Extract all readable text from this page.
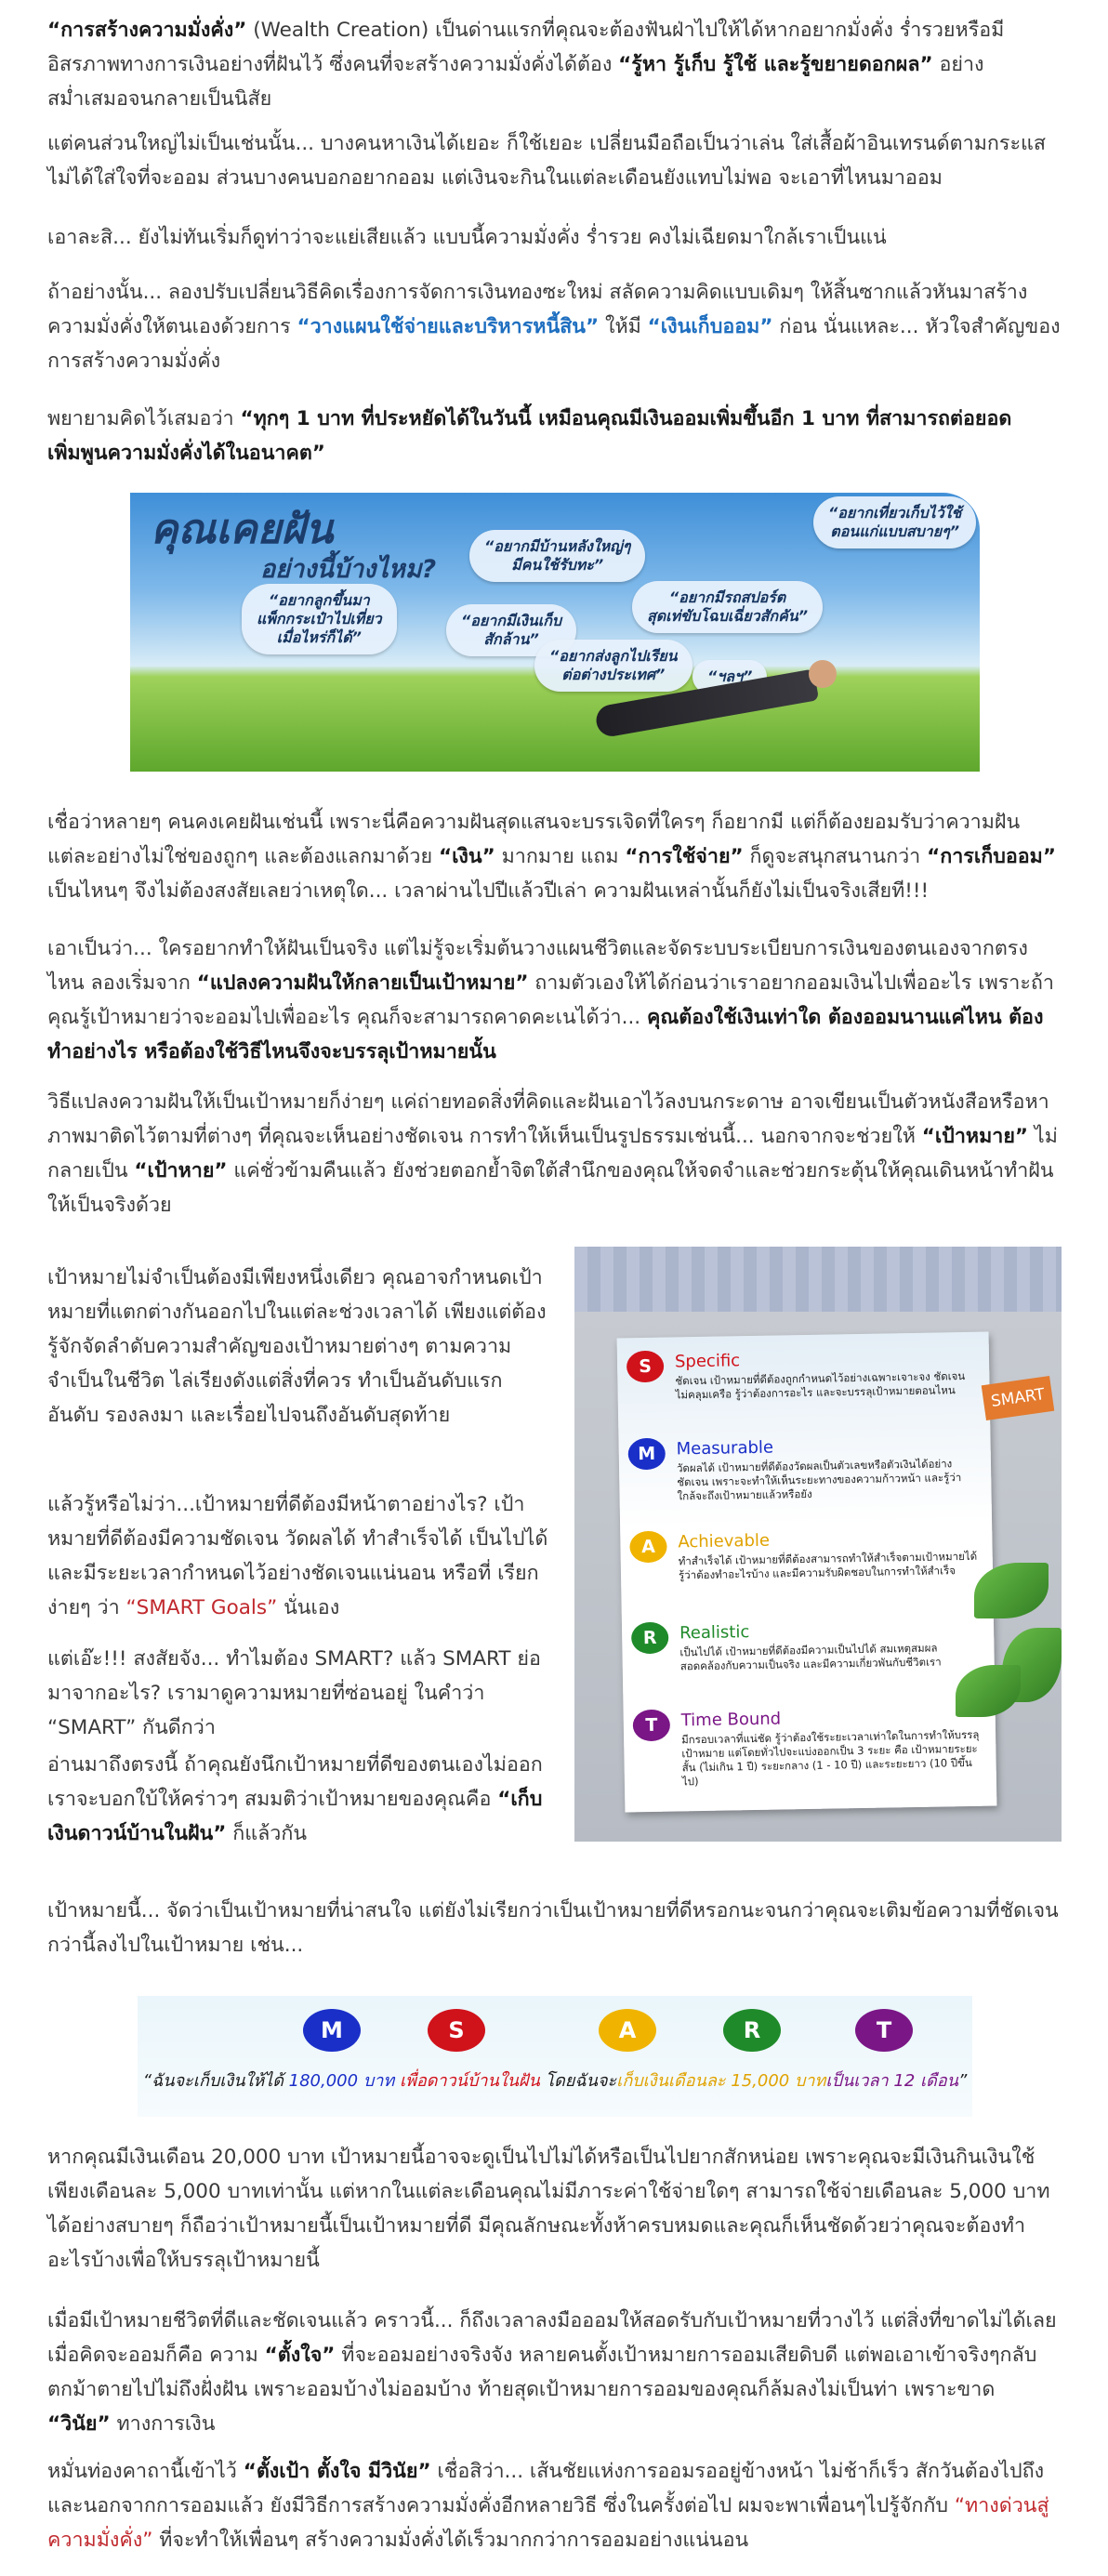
“การสร้างความมั่งคั่ง” (Wealth Creation) เป็นด่านแรกที่คุณจะต้องฟันฝ่าไปให้ได้หากอยากมั่งคั่ง ร่ำรวยหรือมีอิสรภาพทางการเงินอย่างที่ฝันไว้ ซึ่งคนที่จะสร้างความมั่งคั่งได้ต้อง “รู้หา รู้เก็บ รู้ใช้ และรู้ขยายดอกผล” อย่างสม่ำเสมอจนกลายเป็นนิสัย

แต่คนส่วนใหญ่ไม่เป็นเช่นนั้น... บางคนหาเงินได้เยอะ ก็ใช้เยอะ เปลี่ยนมือถือเป็นว่าเล่น ใส่เสื้อผ้าอินเทรนด์ตามกระแส ไม่ได้ใส่ใจที่จะออม ส่วนบางคนบอกอยากออม แต่เงินจะกินในแต่ละเดือนยังแทบไม่พอ จะเอาที่ไหนมาออม

เอาละสิ... ยังไม่ทันเริ่มก็ดูท่าว่าจะแย่เสียแล้ว แบบนี้ความมั่งคั่ง ร่ำรวย คงไม่เฉียดมาใกล้เราเป็นแน่

ถ้าอย่างนั้น... ลองปรับเปลี่ยนวิธีคิดเรื่องการจัดการเงินทองซะใหม่ สลัดความคิดแบบเดิมๆ ให้สิ้นซากแล้วหันมาสร้างความมั่งคั่งให้ตนเองด้วยการ “วางแผนใช้จ่ายและบริหารหนี้สิน” ให้มี “เงินเก็บออม” ก่อน นั่นแหละ... หัวใจสำคัญของการสร้างความมั่งคั่ง

พยายามคิดไว้เสมอว่า “ทุกๆ 1 บาท ที่ประหยัดได้ในวันนี้ เหมือนคุณมีเงินออมเพิ่มขึ้นอีก 1 บาท ที่สามารถต่อยอดเพิ่มพูนความมั่งคั่งได้ในอนาคต”

คุณเคยฝัน
อย่างนี้บ้างไหม?
“อยากมีบ้านหลังใหญ่ๆ
มีคนใช้รับทะ”
“อยากมีรถสปอร์ต
สุดเท่ขับโฉบเฉี่ยวสักคัน”
“อยากเที่ยวเก็บไว้ใช้
ตอนแก่แบบสบายๆ”
“อยากลูกขึ้นมา
แพ็กกระเป๋าไปเที่ยว
เมื่อไหร่ก็ได้”
“อยากมีเงินเก็บ
สักล้าน”
“อยากส่งลูกไปเรียน
ต่อต่างประเทศ”	“ฯลฯ”

เชื่อว่าหลายๆ คนคงเคยฝันเช่นนี้ เพราะนี่คือความฝันสุดแสนจะบรรเจิดที่ใครๆ ก็อยากมี แต่ก็ต้องยอมรับว่าความฝันแต่ละอย่างไม่ใช่ของถูกๆ และต้องแลกมาด้วย “เงิน” มากมาย แถม “การใช้จ่าย” ก็ดูจะสนุกสนานกว่า “การเก็บออม” เป็นไหนๆ จึงไม่ต้องสงสัยเลยว่าเหตุใด... เวลาผ่านไปปีแล้วปีเล่า ความฝันเหล่านั้นก็ยังไม่เป็นจริงเสียที!!!

เอาเป็นว่า... ใครอยากทำให้ฝันเป็นจริง แต่ไม่รู้จะเริ่มต้นวางแผนชีวิตและจัดระบบระเบียบการเงินของตนเองจากตรงไหน ลองเริ่มจาก “แปลงความฝันให้กลายเป็นเป้าหมาย” ถามตัวเองให้ได้ก่อนว่าเราอยากออมเงินไปเพื่ออะไร เพราะถ้าคุณรู้เป้าหมายว่าจะออมไปเพื่ออะไร คุณก็จะสามารถคาดคะเนได้ว่า... คุณต้องใช้เงินเท่าใด ต้องออมนานแค่ไหน ต้องทำอย่างไร หรือต้องใช้วิธีไหนจึงจะบรรลุเป้าหมายนั้น

วิธีแปลงความฝันให้เป็นเป้าหมายก็ง่ายๆ แค่ถ่ายทอดสิ่งที่คิดและฝันเอาไว้ลงบนกระดาษ อาจเขียนเป็นตัวหนังสือหรือหาภาพมาติดไว้ตามที่ต่างๆ ที่คุณจะเห็นอย่างชัดเจน การทำให้เห็นเป็นรูปธรรมเช่นนี้... นอกจากจะช่วยให้ “เป้าหมาย” ไม่กลายเป็น “เป้าหาย” แค่ชั่วข้ามคืนแล้ว ยังช่วยตอกย้ำจิตใต้สำนึกของคุณให้จดจำและช่วยกระตุ้นให้คุณเดินหน้าทำฝันให้เป็นจริงด้วย

เป้าหมายไม่จำเป็นต้องมีเพียงหนึ่งเดียว คุณอาจกำหนดเป้าหมายที่แตกต่างกันออกไปในแต่ละช่วงเวลาได้ เพียงแต่ต้องรู้จักจัดลำดับความสำคัญของเป้าหมายต่างๆ ตามความจำเป็นในชีวิต ไล่เรียงดังแต่สิ่งที่ควร ทำเป็นอันดับแรก อันดับ รองลงมา และเรื่อยไปจนถึงอันดับสุดท้าย

แล้วรู้หรือไม่ว่า...เป้าหมายที่ดีต้องมีหน้าตาอย่างไร? เป้าหมายที่ดีต้องมีความชัดเจน วัดผลได้ ทำสำเร็จได้ เป็นไปได้ และมีระยะเวลากำหนดไว้อย่างชัดเจนแน่นอน หรือที่ เรียกง่ายๆ ว่า “SMART Goals” นั่นเอง

แต่เอ๊ะ!!! สงสัยจัง... ทำไมต้อง SMART? แล้ว SMART ย่อมาจากอะไร? เรามาดูความหมายที่ซ่อนอยู่ ในคำว่า “SMART” กันดีกว่า

อ่านมาถึงตรงนี้ ถ้าคุณยังนึกเป้าหมายที่ดีของตนเองไม่ออก เราจะบอกใบ้ให้คร่าวๆ สมมติว่าเป้าหมายของคุณคือ “เก็บเงินดาวน์บ้านในฝัน” ก็แล้วกัน

S	Specific
ชัดเจน เป้าหมายที่ดีต้องถูกกำหนดไว้อย่างเฉพาะเจาะจง ชัดเจน ไม่คลุมเครือ รู้ว่าต้องการอะไร และจะบรรลุเป้าหมายตอนไหน
M	Measurable
วัดผลได้ เป้าหมายที่ดีต้องวัดผลเป็นตัวเลขหรือตัวเงินได้อย่างชัดเจน เพราะจะทำให้เห็นระยะทางของความก้าวหน้า และรู้ว่าใกล้จะถึงเป้าหมายแล้วหรือยัง
A	Achievable
ทำสำเร็จได้ เป้าหมายที่ดีต้องสามารถทำให้สำเร็จตามเป้าหมายได้ รู้ว่าต้องทำอะไรบ้าง และมีความรับผิดชอบในการทำให้สำเร็จ
R	Realistic
เป็นไปได้ เป้าหมายที่ดีต้องมีความเป็นไปได้ สมเหตุสมผล สอดคล้องกับความเป็นจริง และมีความเกี่ยวพันกับชีวิตเรา
T	Time Bound
มีกรอบเวลาที่แน่ชัด รู้ว่าต้องใช้ระยะเวลาเท่าใดในการทำให้บรรลุเป้าหมาย แต่โดยทั่วไปจะแบ่งออกเป็น 3 ระยะ คือ เป้าหมายระยะสั้น (ไม่เกิน 1 ปี) ระยะกลาง (1 - 10 ปี) และระยะยาว (10 ปีขึ้นไป)
SMART

เป้าหมายนี้... จัดว่าเป็นเป้าหมายที่น่าสนใจ แต่ยังไม่เรียกว่าเป็นเป้าหมายที่ดีหรอกนะจนกว่าคุณจะเติมข้อความที่ชัดเจนกว่านี้ลงไปในเป้าหมาย เช่น...

M	S	A	R	T
“ฉันจะเก็บเงินให้ได้ 180,000 บาท เพื่อดาวน์บ้านในฝัน โดยฉันจะเก็บเงินเดือนละ 15,000 บาทเป็นเวลา 12 เดือน”

หากคุณมีเงินเดือน 20,000 บาท เป้าหมายนี้อาจจะดูเป็นไปไม่ได้หรือเป็นไปยากสักหน่อย เพราะคุณจะมีเงินกินเงินใช้เพียงเดือนละ 5,000 บาทเท่านั้น แต่หากในแต่ละเดือนคุณไม่มีภาระค่าใช้จ่ายใดๆ สามารถใช้จ่ายเดือนละ 5,000 บาทได้อย่างสบายๆ ก็ถือว่าเป้าหมายนี้เป็นเป้าหมายที่ดี มีคุณลักษณะทั้งห้าครบหมดและคุณก็เห็นชัดด้วยว่าคุณจะต้องทำอะไรบ้างเพื่อให้บรรลุเป้าหมายนี้

เมื่อมีเป้าหมายชีวิตที่ดีและชัดเจนแล้ว คราวนี้... ก็ถึงเวลาลงมือออมให้สอดรับกับเป้าหมายที่วางไว้ แต่สิ่งที่ขาดไม่ได้เลยเมื่อคิดจะออมก็คือ ความ “ตั้งใจ” ที่จะออมอย่างจริงจัง หลายคนตั้งเป้าหมายการออมเสียดิบดี แต่พอเอาเข้าจริงๆกลับตกม้าตายไปไม่ถึงฝั่งฝัน เพราะออมบ้างไม่ออมบ้าง ท้ายสุดเป้าหมายการออมของคุณก็ล้มลงไม่เป็นท่า เพราะขาด “วินัย” ทางการเงิน

หมั่นท่องคาถานี้เข้าไว้ “ตั้งเป้า ตั้งใจ มีวินัย” เชื่อสิว่า... เส้นชัยแห่งการออมรออยู่ข้างหน้า ไม่ช้าก็เร็ว สักวันต้องไปถึง และนอกจากการออมแล้ว ยังมีวิธีการสร้างความมั่งคั่งอีกหลายวิธี ซึ่งในครั้งต่อไป ผมจะพาเพื่อนๆไปรู้จักกับ “ทางด่วนสู่ความมั่งคั่ง” ที่จะทำให้เพื่อนๆ สร้างความมั่งคั่งได้เร็วมากกว่าการออมอย่างแน่นอน
